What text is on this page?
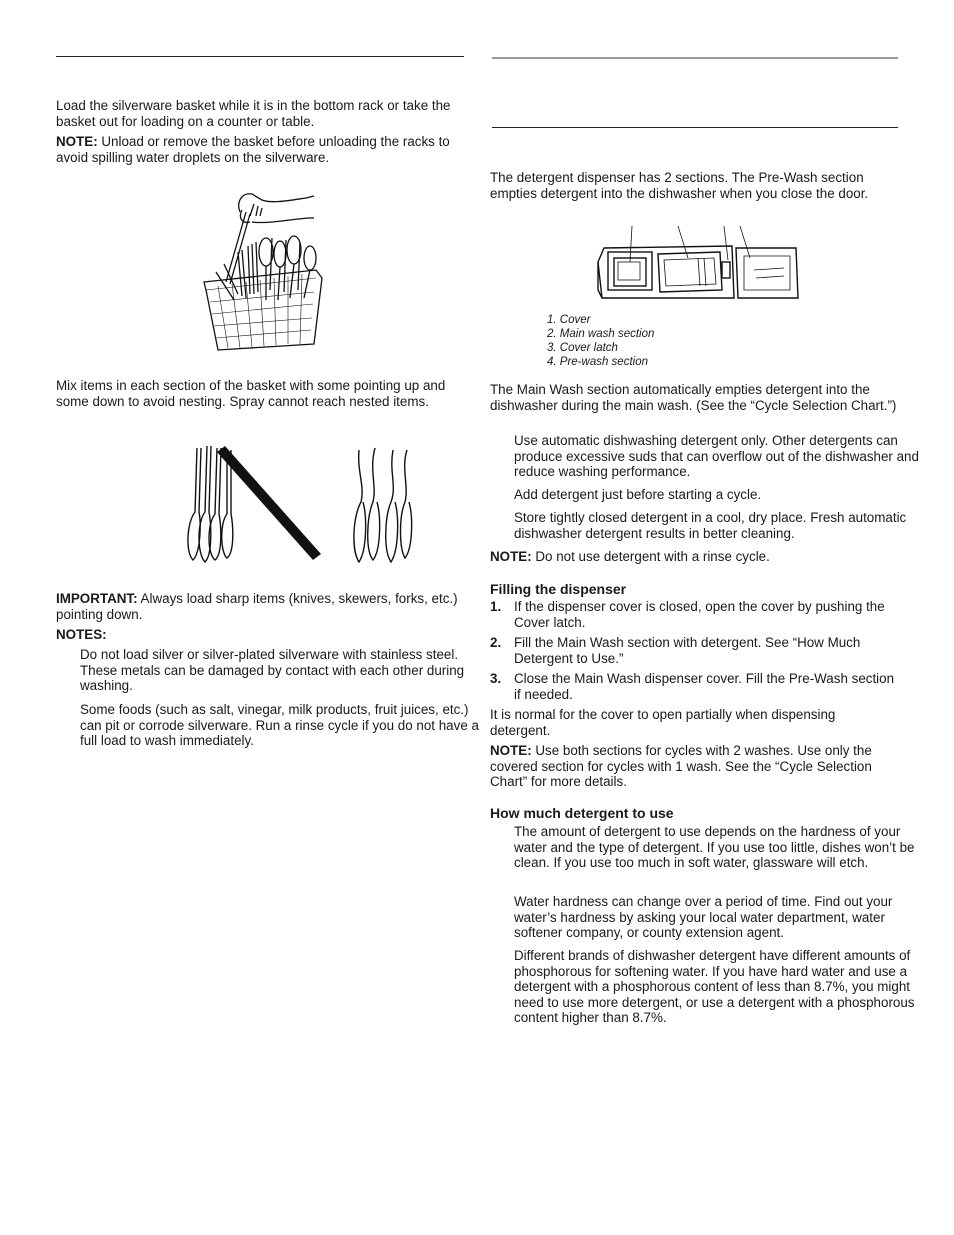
Load the silverware basket while it is in the bottom rack or take the basket out for loading on a counter or table.

NOTE: Unload or remove the basket before unloading the racks to avoid spilling water droplets on the silverware.

Mix items in each section of the basket with some pointing up and some down to avoid nesting. Spray cannot reach nested items.

IMPORTANT: Always load sharp items (knives, skewers, forks, etc.) pointing down.

NOTES:

Do not load silver or silver-plated silverware with stainless steel. These metals can be damaged by contact with each other during washing.

Some foods (such as salt, vinegar, milk products, fruit juices, etc.) can pit or corrode silverware. Run a rinse cycle if you do not have a full load to wash immediately.

The detergent dispenser has 2 sections. The Pre-Wash section empties detergent into the dishwasher when you close the door.

1. Cover
2. Main wash section
3. Cover latch
4. Pre-wash section

The Main Wash section automatically empties detergent into the dishwasher during the main wash. (See the “Cycle Selection Chart.”)

Use automatic dishwashing detergent only. Other detergents can produce excessive suds that can overflow out of the dishwasher and reduce washing performance.

Add detergent just before starting a cycle.

Store tightly closed detergent in a cool, dry place. Fresh automatic dishwasher detergent results in better cleaning.

NOTE: Do not use detergent with a rinse cycle.

Filling the dispenser

1. If the dispenser cover is closed, open the cover by pushing the Cover latch.
2. Fill the Main Wash section with detergent. See “How Much Detergent to Use.”
3. Close the Main Wash dispenser cover. Fill the Pre-Wash section if needed.

It is normal for the cover to open partially when dispensing detergent.

NOTE: Use both sections for cycles with 2 washes. Use only the covered section for cycles with 1 wash. See the “Cycle Selection Chart” for more details.

How much detergent to use

The amount of detergent to use depends on the hardness of your water and the type of detergent. If you use too little, dishes won’t be clean. If you use too much in soft water, glassware will etch.

Water hardness can change over a period of time. Find out your water’s hardness by asking your local water department, water softener company, or county extension agent.

Different brands of dishwasher detergent have different amounts of phosphorous for softening water. If you have hard water and use a detergent with a phosphorous content of less than 8.7%, you might need to use more detergent, or use a detergent with a phosphorous content higher than 8.7%.
